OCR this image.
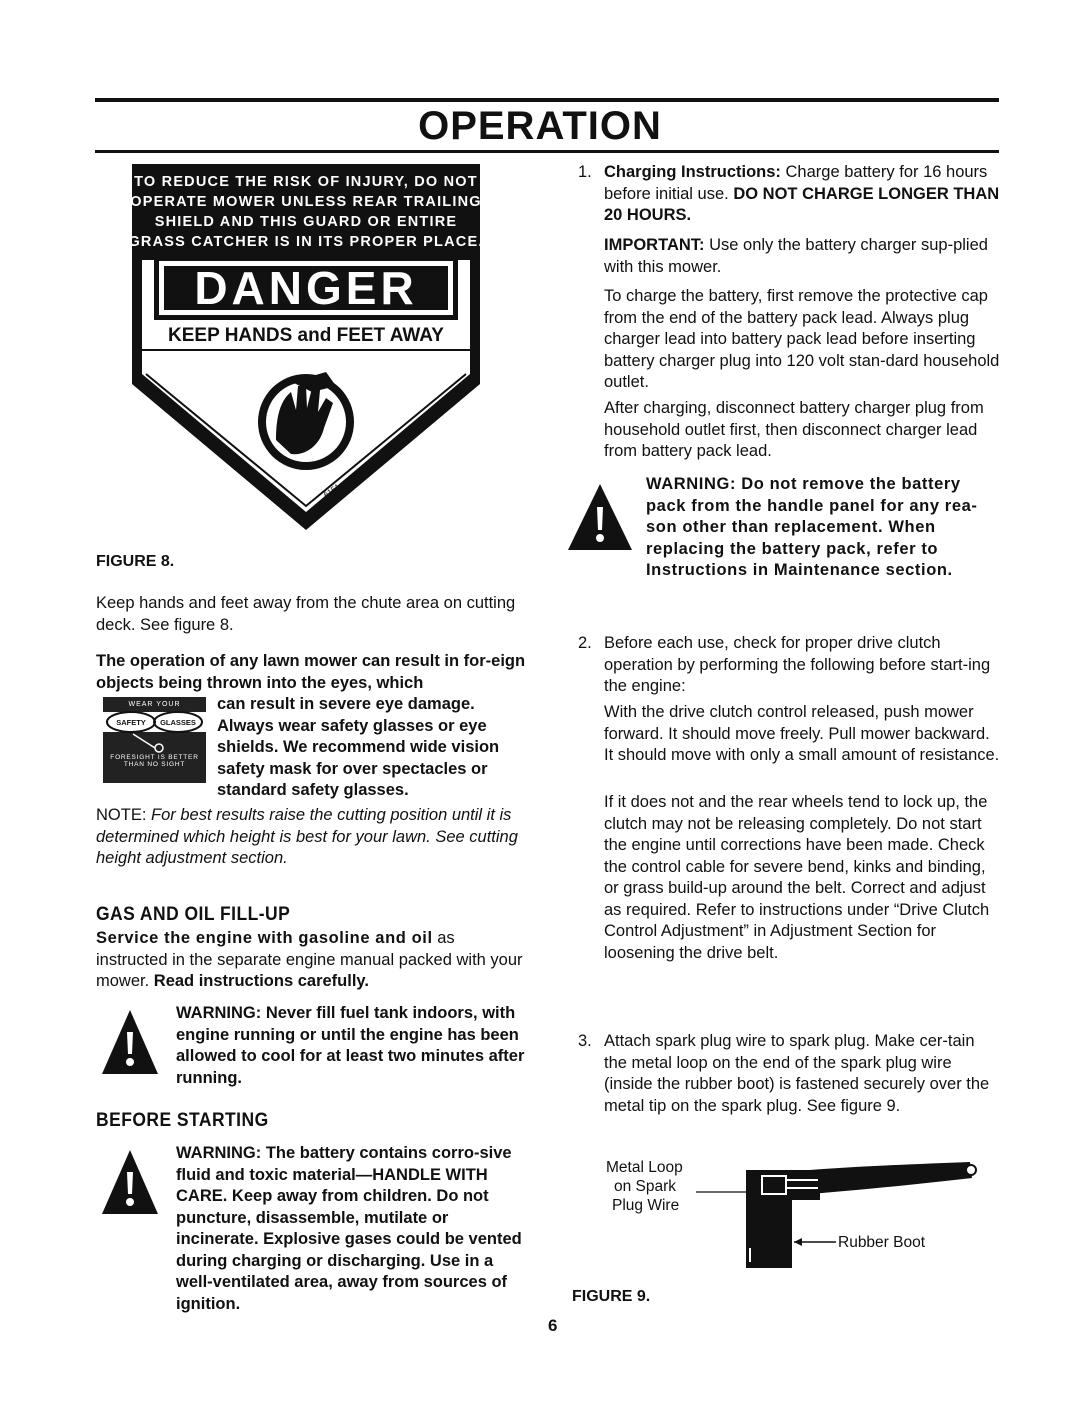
OPERATION
TO REDUCE THE RISK OF INJURY, DO NOT
OPERATE MOWER UNLESS REAR TRAILING
SHIELD AND THIS GUARD OR ENTIRE
GRASS CATCHER IS IN ITS PROPER PLACE.
DANGER
KEEP HANDS and FEET AWAY
6151
FIGURE 8.

Keep hands and feet away from the chute area on cutting deck. See figure 8.

The operation of any lawn mower can result in for-eign objects being thrown into the eyes, which

WEAR YOUR
SAFETY GLASSES
FORESIGHT IS BETTER
THAN NO SIGHT

can result in severe eye damage. Always wear safety glasses or eye shields. We recommend wide vision safety mask for over spectacles or standard safety glasses.

NOTE: For best results raise the cutting position until it is determined which height is best for your lawn. See cutting height adjustment section.

GAS AND OIL FILL-UP

Service the engine with gasoline and oil as instructed in the separate engine manual packed with your mower. Read instructions carefully.

WARNING: Never fill fuel tank indoors, with engine running or until the engine has been allowed to cool for at least two minutes after running.

BEFORE STARTING

WARNING: The battery contains corro-sive fluid and toxic material—HANDLE WITH CARE. Keep away from children. Do not puncture, disassemble, mutilate or incinerate. Explosive gases could be vented during charging or discharging. Use in a well-ventilated area, away from sources of ignition.

1. Charging Instructions: Charge battery for 16 hours before initial use. DO NOT CHARGE LONGER THAN 20 HOURS.

IMPORTANT: Use only the battery charger sup-plied with this mower.

To charge the battery, first remove the protective cap from the end of the battery pack lead. Always plug charger lead into battery pack lead before inserting battery charger plug into 120 volt stan-dard household outlet.

After charging, disconnect battery charger plug from household outlet first, then disconnect charger lead from battery pack lead.

WARNING: Do not remove the battery pack from the handle panel for any rea-son other than replacement. When replacing the battery pack, refer to Instructions in Maintenance section.

2. Before each use, check for proper drive clutch operation by performing the following before start-ing the engine:

With the drive clutch control released, push mower forward. It should move freely. Pull mower backward. It should move with only a small amount of resistance.

If it does not and the rear wheels tend to lock up, the clutch may not be releasing completely. Do not start the engine until corrections have been made. Check the control cable for severe bend, kinks and binding, or grass build-up around the belt. Correct and adjust as required. Refer to instructions under “Drive Clutch Control Adjustment” in Adjustment Section for loosening the drive belt.

3. Attach spark plug wire to spark plug. Make cer-tain the metal loop on the end of the spark plug wire (inside the rubber boot) is fastened securely over the metal tip on the spark plug. See figure 9.

Metal Loop
on Spark
Plug Wire
Rubber Boot
FIGURE 9.
6
